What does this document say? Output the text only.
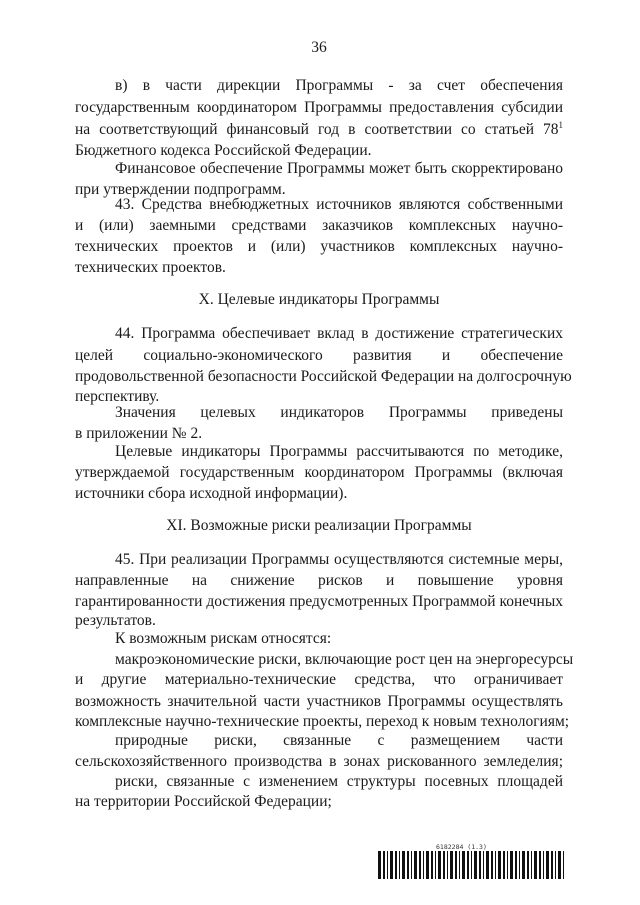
36
в) в части дирекции Программы - за счет обеспечения
государственным координатором Программы предоставления субсидии
на соответствующий финансовый год в соответствии со статьей $78^1$
Бюджетного кодекса Российской Федерации.
Финансовое обеспечение Программы может быть скорректировано
при утверждении подпрограмм.
43. Средства внебюджетных источников являются собственными
и (или) заемными средствами заказчиков комплексных научно-
технических проектов и (или) участников комплексных научно-
технических проектов.
X. Целевые индикаторы Программы
44. Программа обеспечивает вклад в достижение стратегических
целей социально-экономического развития и обеспечение
продовольственной безопасности Российской Федерации на долгосрочную
перспективу.
Значения целевых индикаторов Программы приведены
в приложении № 2.
Целевые индикаторы Программы рассчитываются по методике,
утверждаемой государственным координатором Программы (включая
источники сбора исходной информации).
XI. Возможные риски реализации Программы
45. При реализации Программы осуществляются системные меры,
направленные на снижение рисков и повышение уровня
гарантированности достижения предусмотренных Программой конечных
результатов.
К возможным рискам относятся:
макроэкономические риски, включающие рост цен на энергоресурсы
и другие материально-технические средства, что ограничивает
возможность значительной части участников Программы осуществлять
комплексные научно-технические проекты, переход к новым технологиям;
природные риски, связанные с размещением части
сельскохозяйственного производства в зонах рискованного земледелия;
риски, связанные с изменением структуры посевных площадей
на территории Российской Федерации;
6182284 (1.3)
